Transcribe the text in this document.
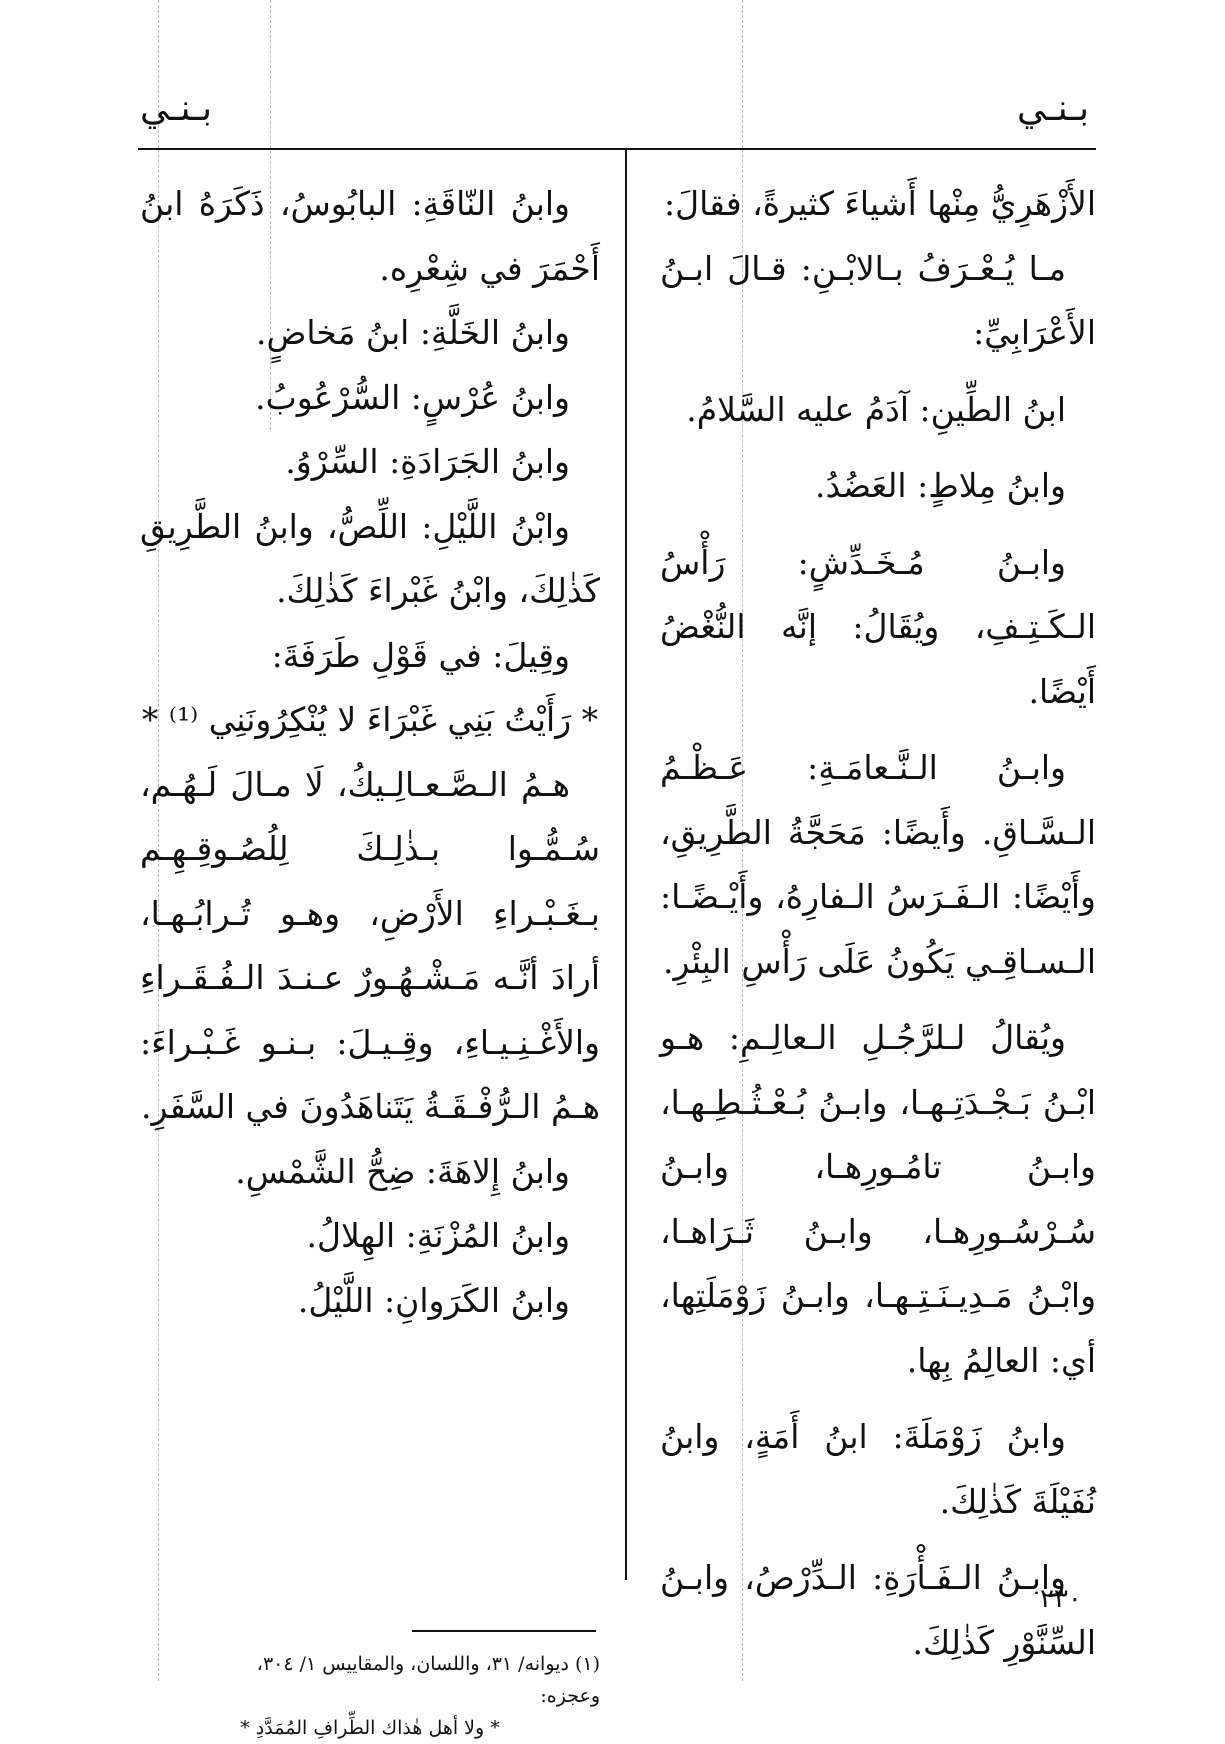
بـنـي
بـنـي

الأَزْهَرِيُّ مِنْها أَشياءَ كثيرةً، فقالَ:

مـا يُـعْـرَفُ بـالابْـنِ: قـالَ ابـنُ الأَعْرَابِيِّ:

ابنُ الطِّينِ: آدَمُ عليه السَّلامُ.

وابنُ مِلاطٍ: العَضُدُ.

وابـنُ مُـخَـدِّشٍ: رَأْسُ الـكَـتِـفِ، ويُقَالُ: إنَّه النُّغْضُ أَيْضًا.

وابـنُ الـنَّـعامَـةِ: عَـظْـمُ الـسَّـاقِ. وأَيضًا: مَحَجَّةُ الطَّرِيقِ، وأَيْضًا: الـفَـرَسُ الـفارِهُ، وأَيْـضًـا: الـسـاقِـي يَكُونُ عَلَى رَأْسِ البِئْرِ.

ويُقالُ لـلرَّجُـلِ الـعالِـمِ: هـو ابْـنُ بَـجْـدَتِـهـا، وابـنُ بُـعْـثُـطِـهـا، وابـنُ تامُـورِهـا، وابـنُ سُـرْسُـورِهـا، وابـنُ ثَـرَاهـا، وابْـنُ مَـدِيـنَـتِـهـا، وابـنُ زَوْمَلَتِها، أي: العالِمُ بِها.

وابنُ زَوْمَلَةَ: ابنُ أَمَةٍ، وابنُ نُفَيْلَةَ كَذٰلِكَ.

وابـنُ الـفَـأْرَةِ: الـدِّرْصُ، وابـنُ السِّنَّوْرِ كَذٰلِكَ.

وابنُ النّاقَةِ: البابُوسُ، ذَكَرَهُ ابنُ أَحْمَرَ في شِعْرِه.

وابنُ الخَلَّةِ: ابنُ مَخاضٍ.

وابنُ عُرْسٍ: السُّرْعُوبُ.

وابنُ الجَرَادَةِ: السِّرْوُ.

وابْنُ اللَّيْلِ: اللِّصُّ، وابنُ الطَّرِيقِ كَذٰلِكَ، وابْنُ غَبْراءَ كَذٰلِكَ.

وقِيلَ: في قَوْلِ طَرَفَةَ:

* رَأَيْتُ بَنِي غَبْرَاءَ لا يُنْكِرُونَنِي ⁽¹⁾ *

هـمُ الـصَّـعـالِـيكُ، لَا مـالَ لَـهُـم، سُـمُّـوا بـذٰلِـكَ لِلُصُـوقِـهِـم بـغَـبْـراءِ الأَرْضِ، وهـو تُـرابُـهـا، أرادَ أنَّـه مَـشْـهُـورٌ عـنـدَ الـفُـقَـراءِ والأَغْـنِـيـاءِ، وقِـيـلَ: بـنـو غَـبْـراءَ: هـمُ الـرُّفْـقَـةُ يَتَناهَدُونَ في السَّفَرِ.

وابنُ إِلاهَةَ: ضِحُّ الشَّمْسِ.

وابنُ المُزْنَةِ: الهِلالُ.

وابنُ الكَرَوانِ: اللَّيْلُ.

(١) ديوانه/ ٣١، واللسان، والمقاييس ١/ ٣٠٤،

وعجزه:

* ولا أهل هٰذاك الطِّرافِ المُمَدَّدِ *

٢٣٠
